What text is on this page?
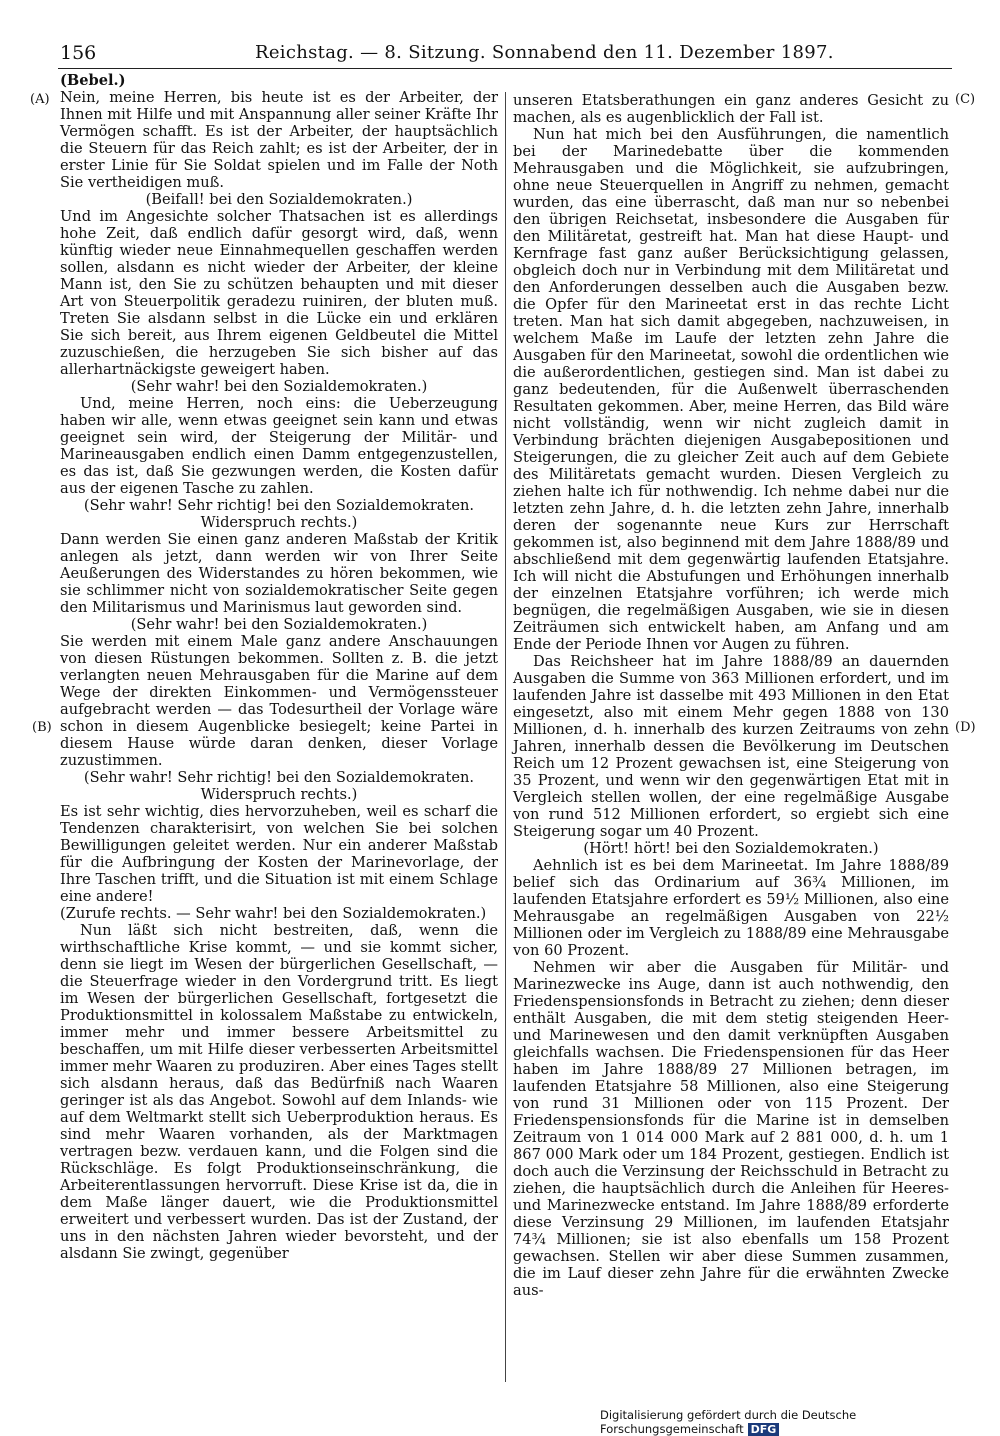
156	Reichstag. — 8. Sitzung. Sonnabend den 11. Dezember 1897.
(A)
(B)
(C)
(D)

(Bebel.)

Nein, meine Herren, bis heute ist es der Arbeiter, der Ihnen mit Hilfe und mit Anspannung aller seiner Kräfte Ihr Vermögen schafft. Es ist der Arbeiter, der hauptsächlich die Steuern für das Reich zahlt; es ist der Arbeiter, der in erster Linie für Sie Soldat spielen und im Falle der Noth Sie vertheidigen muß.

(Beifall! bei den Sozialdemokraten.)

Und im Angesichte solcher Thatsachen ist es allerdings hohe Zeit, daß endlich dafür gesorgt wird, daß, wenn künftig wieder neue Einnahmequellen geschaffen werden sollen, alsdann es nicht wieder der Arbeiter, der kleine Mann ist, den Sie zu schützen behaupten und mit dieser Art von Steuerpolitik geradezu ruiniren, der bluten muß. Treten Sie alsdann selbst in die Lücke ein und erklären Sie sich bereit, aus Ihrem eigenen Geldbeutel die Mittel zuzuschießen, die herzugeben Sie sich bisher auf das allerhartnäckigste geweigert haben.

(Sehr wahr! bei den Sozialdemokraten.)

Und, meine Herren, noch eins: die Ueberzeugung haben wir alle, wenn etwas geeignet sein kann und etwas geeignet sein wird, der Steigerung der Militär- und Marineausgaben endlich einen Damm entgegenzustellen, es das ist, daß Sie gezwungen werden, die Kosten dafür aus der eigenen Tasche zu zahlen.

(Sehr wahr! Sehr richtig! bei den Sozialdemokraten. Widerspruch rechts.)

Dann werden Sie einen ganz anderen Maßstab der Kritik anlegen als jetzt, dann werden wir von Ihrer Seite Aeußerungen des Widerstandes zu hören bekommen, wie sie schlimmer nicht von sozialdemokratischer Seite gegen den Militarismus und Marinismus laut geworden sind.

(Sehr wahr! bei den Sozialdemokraten.)

Sie werden mit einem Male ganz andere Anschauungen von diesen Rüstungen bekommen. Sollten z. B. die jetzt verlangten neuen Mehrausgaben für die Marine auf dem Wege der direkten Einkommen- und Vermögenssteuer aufgebracht werden — das Todesurtheil der Vorlage wäre schon in diesem Augenblicke besiegelt; keine Partei in diesem Hause würde daran denken, dieser Vorlage zuzustimmen.

(Sehr wahr! Sehr richtig! bei den Sozialdemokraten. Widerspruch rechts.)

Es ist sehr wichtig, dies hervorzuheben, weil es scharf die Tendenzen charakterisirt, von welchen Sie bei solchen Bewilligungen geleitet werden. Nur ein anderer Maßstab für die Aufbringung der Kosten der Marinevorlage, der Ihre Taschen trifft, und die Situation ist mit einem Schlage eine andere!

(Zurufe rechts. — Sehr wahr! bei den Sozialdemokraten.)

Nun läßt sich nicht bestreiten, daß, wenn die wirthschaftliche Krise kommt, — und sie kommt sicher, denn sie liegt im Wesen der bürgerlichen Gesellschaft, — die Steuerfrage wieder in den Vordergrund tritt. Es liegt im Wesen der bürgerlichen Gesellschaft, fortgesetzt die Produktionsmittel in kolossalem Maßstabe zu entwickeln, immer mehr und immer bessere Arbeitsmittel zu beschaffen, um mit Hilfe dieser verbesserten Arbeitsmittel immer mehr Waaren zu produziren. Aber eines Tages stellt sich alsdann heraus, daß das Bedürfniß nach Waaren geringer ist als das Angebot. Sowohl auf dem Inlands- wie auf dem Weltmarkt stellt sich Ueberproduktion heraus. Es sind mehr Waaren vorhanden, als der Marktmagen vertragen bezw. verdauen kann, und die Folgen sind die Rückschläge. Es folgt Produktionseinschränkung, die Arbeiterentlassungen hervorruft. Diese Krise ist da, die in dem Maße länger dauert, wie die Produktionsmittel erweitert und verbessert wurden. Das ist der Zustand, der uns in den nächsten Jahren wieder bevorsteht, und der alsdann Sie zwingt, gegenüber

unseren Etatsberathungen ein ganz anderes Gesicht zu machen, als es augenblicklich der Fall ist.

Nun hat mich bei den Ausführungen, die namentlich bei der Marinedebatte über die kommenden Mehrausgaben und die Möglichkeit, sie aufzubringen, ohne neue Steuerquellen in Angriff zu nehmen, gemacht wurden, das eine überrascht, daß man nur so nebenbei den übrigen Reichsetat, insbesondere die Ausgaben für den Militäretat, gestreift hat. Man hat diese Haupt- und Kernfrage fast ganz außer Berücksichtigung gelassen, obgleich doch nur in Verbindung mit dem Militäretat und den Anforderungen desselben auch die Ausgaben bezw. die Opfer für den Marineetat erst in das rechte Licht treten. Man hat sich damit abgegeben, nachzuweisen, in welchem Maße im Laufe der letzten zehn Jahre die Ausgaben für den Marineetat, sowohl die ordentlichen wie die außerordentlichen, gestiegen sind. Man ist dabei zu ganz bedeutenden, für die Außenwelt überraschenden Resultaten gekommen. Aber, meine Herren, das Bild wäre nicht vollständig, wenn wir nicht zugleich damit in Verbindung brächten diejenigen Ausgabepositionen und Steigerungen, die zu gleicher Zeit auch auf dem Gebiete des Militäretats gemacht wurden. Diesen Vergleich zu ziehen halte ich für nothwendig. Ich nehme dabei nur die letzten zehn Jahre, d. h. die letzten zehn Jahre, innerhalb deren der sogenannte neue Kurs zur Herrschaft gekommen ist, also beginnend mit dem Jahre 1888/89 und abschließend mit dem gegenwärtig laufenden Etatsjahre. Ich will nicht die Abstufungen und Erhöhungen innerhalb der einzelnen Etatsjahre vorführen; ich werde mich begnügen, die regelmäßigen Ausgaben, wie sie in diesen Zeiträumen sich entwickelt haben, am Anfang und am Ende der Periode Ihnen vor Augen zu führen.

Das Reichsheer hat im Jahre 1888/89 an dauernden Ausgaben die Summe von 363 Millionen erfordert, und im laufenden Jahre ist dasselbe mit 493 Millionen in den Etat eingesetzt, also mit einem Mehr gegen 1888 von 130 Millionen, d. h. innerhalb des kurzen Zeitraums von zehn Jahren, innerhalb dessen die Bevölkerung im Deutschen Reich um 12 Prozent gewachsen ist, eine Steigerung von 35 Prozent, und wenn wir den gegenwärtigen Etat mit in Vergleich stellen wollen, der eine regelmäßige Ausgabe von rund 512 Millionen erfordert, so ergiebt sich eine Steigerung sogar um 40 Prozent.

(Hört! hört! bei den Sozialdemokraten.)

Aehnlich ist es bei dem Marineetat. Im Jahre 1888/89 belief sich das Ordinarium auf 36¾ Millionen, im laufenden Etatsjahre erfordert es 59½ Millionen, also eine Mehrausgabe an regelmäßigen Ausgaben von 22½ Millionen oder im Vergleich zu 1888/89 eine Mehrausgabe von 60 Prozent.

Nehmen wir aber die Ausgaben für Militär- und Marinezwecke ins Auge, dann ist auch nothwendig, den Friedenspensionsfonds in Betracht zu ziehen; denn dieser enthält Ausgaben, die mit dem stetig steigenden Heer- und Marinewesen und den damit verknüpften Ausgaben gleichfalls wachsen. Die Friedenspensionen für das Heer haben im Jahre 1888/89 27 Millionen betragen, im laufenden Etatsjahre 58 Millionen, also eine Steigerung von rund 31 Millionen oder von 115 Prozent. Der Friedenspensionsfonds für die Marine ist in demselben Zeitraum von 1 014 000 Mark auf 2 881 000, d. h. um 1 867 000 Mark oder um 184 Prozent, gestiegen. Endlich ist doch auch die Verzinsung der Reichsschuld in Betracht zu ziehen, die hauptsächlich durch die Anleihen für Heeres- und Marinezwecke entstand. Im Jahre 1888/89 erforderte diese Verzinsung 29 Millionen, im laufenden Etatsjahr 74¾ Millionen; sie ist also ebenfalls um 158 Prozent gewachsen. Stellen wir aber diese Summen zusammen, die im Lauf dieser zehn Jahre für die erwähnten Zwecke aus-

Digitalisierung gefördert durch die Deutsche Forschungsgemeinschaft DFG
